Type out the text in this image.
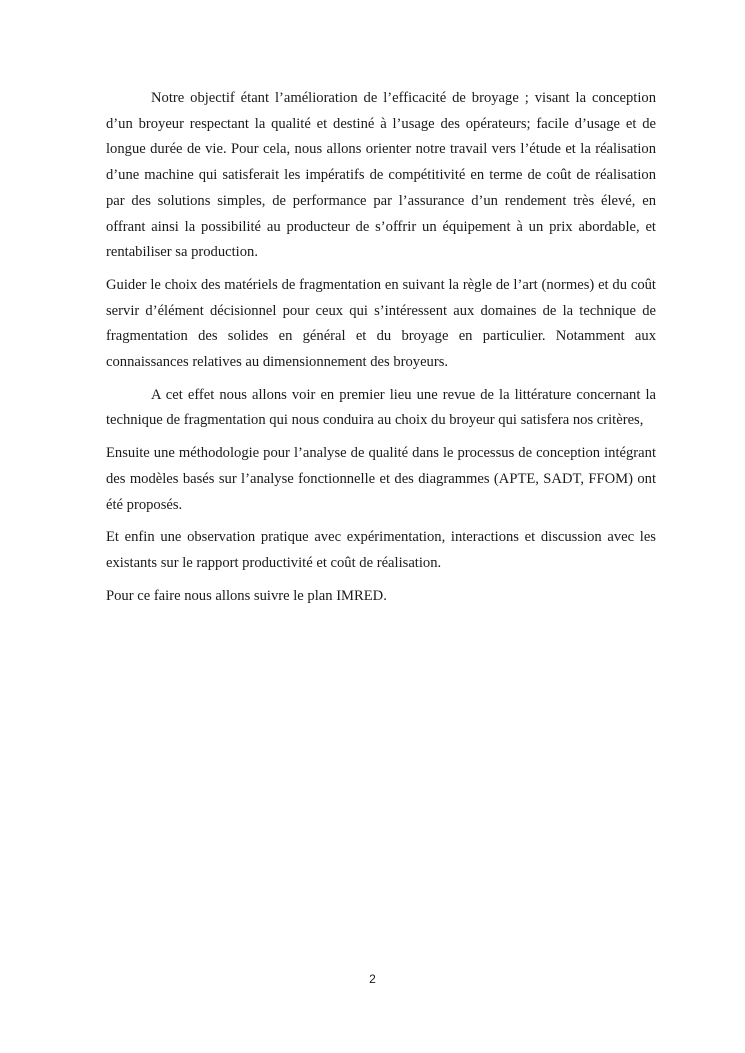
Notre objectif étant l’amélioration de l’efficacité de broyage ; visant la conception d’un broyeur respectant la qualité et destiné à l’usage des opérateurs; facile d’usage et de longue durée de vie. Pour cela, nous allons orienter notre travail vers l’étude et la réalisation d’une machine qui satisferait les impératifs de compétitivité en terme de coût de réalisation par des solutions simples, de performance par l’assurance d’un rendement très élevé, en offrant ainsi la possibilité au producteur de s’offrir un équipement à un prix abordable, et rentabiliser sa production.

Guider le choix des matériels de fragmentation en suivant la règle de l’art (normes) et du coût servir d’élément décisionnel pour ceux qui s’intéressent aux domaines de la technique de fragmentation des solides en général et du broyage en particulier. Notamment aux connaissances relatives au dimensionnement des broyeurs.

A cet effet nous allons voir en premier lieu une revue de la littérature concernant la technique de fragmentation qui nous conduira au choix du broyeur qui satisfera nos critères,

Ensuite une méthodologie pour l’analyse de qualité dans le processus de conception intégrant des modèles basés sur l’analyse fonctionnelle et des diagrammes (APTE, SADT, FFOM) ont été proposés.

Et enfin une observation pratique avec expérimentation, interactions et discussion avec les existants sur le rapport productivité et coût de réalisation.

Pour ce faire nous allons suivre le plan IMRED.

2
